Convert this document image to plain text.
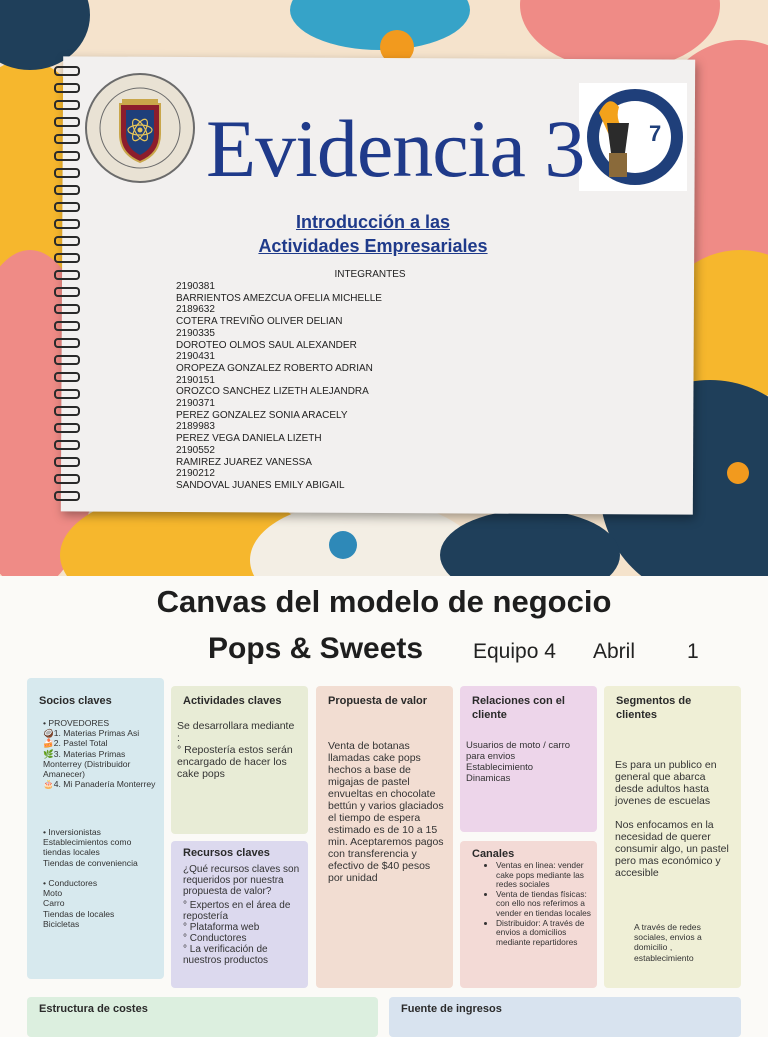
7
Evidencia 3
Introducción a las
Actividades Empresariales
INTEGRANTES
2190381
BARRIENTOS AMEZCUA OFELIA MICHELLE
2189632
COTERA TREVIÑO OLIVER DELIAN
2190335
DOROTEO OLMOS SAUL ALEXANDER
2190431
OROPEZA GONZALEZ ROBERTO ADRIAN
2190151
OROZCO SANCHEZ LIZETH ALEJANDRA
2190371
PEREZ GONZALEZ SONIA ARACELY
2189983
PEREZ VEGA DANIELA LIZETH
2190552
RAMIREZ JUAREZ VANESSA
2190212
SANDOVAL JUANES EMILY ABIGAIL
Canvas del modelo de negocio
Pops & Sweets Equipo 4 Abril 1
Socios claves
• PROVEDORES
🥥1. Materias Primas Asi
🍰2. Pastel Total
🌿3. Materias Primas Monterrey (Distribuidor Amanecer)
🎂4. Mi Panadería Monterrey
• Inversionistas
Establecimientos como tiendas locales
Tiendas de conveniencia
• Conductores
Moto
Carro
Tiendas de locales
Bicicletas
Actividades claves
Se desarrollara mediante :
° Repostería estos serán encargado de hacer los cake pops
Recursos claves
¿Qué recursos claves son requeridos por nuestra propuesta de valor?
° Expertos en el área de repostería
° Plataforma web
° Conductores
° La verificación de nuestros productos
Propuesta de valor
Venta de botanas llamadas cake pops hechos a base de migajas de pastel envueltas en chocolate bettún y varios glaciados el tiempo de espera estimado es de 10 a 15 min. Aceptaremos pagos con transferencia y efectivo de $40 pesos por unidad
Relaciones con el cliente
Usuarios de moto / carro para envios
Establecimiento
Dinamicas
Canales
• Ventas en linea: vender cake pops mediante las redes sociales
• Venta de tiendas físicas: con ello nos referimos a vender en tiendas locales
• Distribuidor: A través de envios a domicilios mediante repartidores
Segmentos de clientes
Es para un publico en general que abarca desde adultos hasta jovenes de escuelas
Nos enfocamos en la necesidad de querer consumir algo, un pastel pero mas económico y accesible
A través de redes sociales, envios a domicilio , establecimiento
Estructura de costes	Fuente de ingresos
